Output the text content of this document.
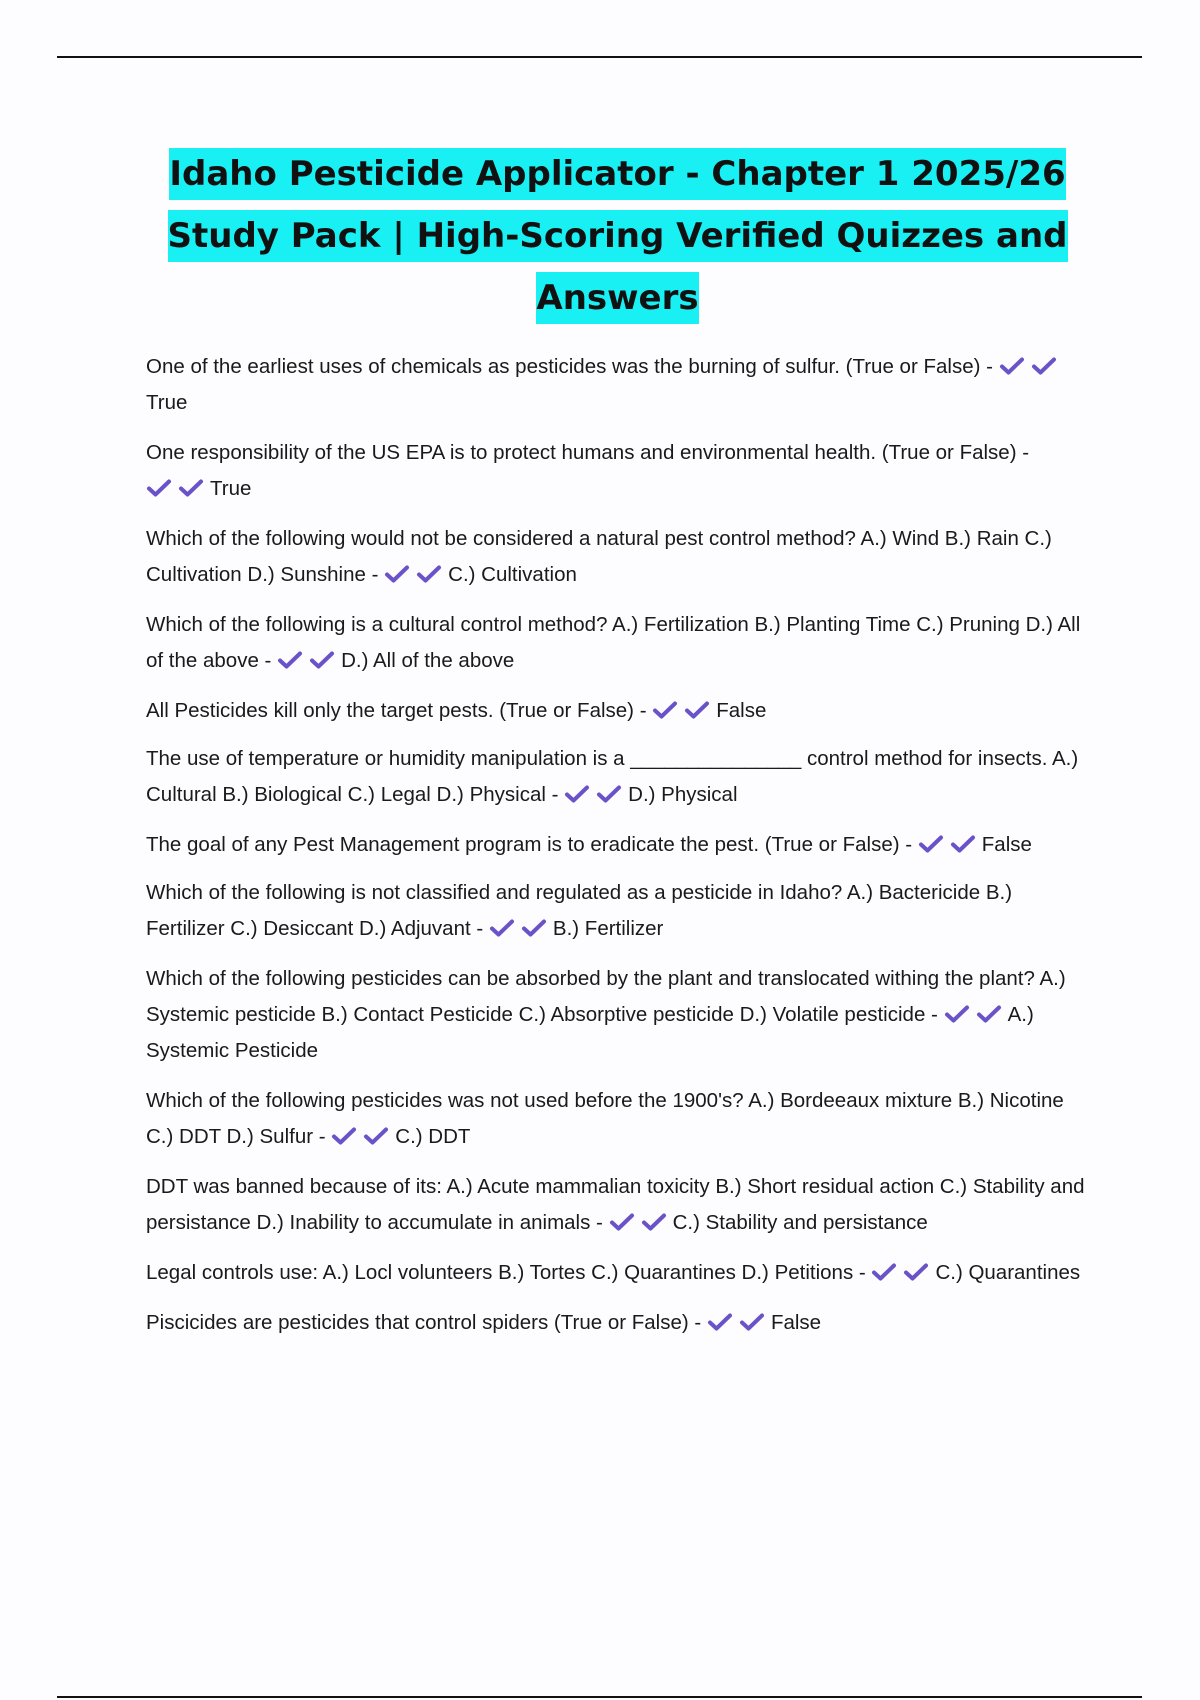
Idaho Pesticide Applicator - Chapter 1 2025/26
Study Pack | High-Scoring Verified Quizzes and
Answers
One of the earliest uses of chemicals as pesticides was the burning of sulfur. (True or False) -
True
One responsibility of the US EPA is to protect humans and environmental health. (True or False) -
True
Which of the following would not be considered a natural pest control method? A.) Wind B.) Rain C.) Cultivation D.) Sunshine -	C.) Cultivation
Which of the following is a cultural control method? A.) Fertilization B.) Planting Time C.) Pruning D.) All of the above -	D.) All of the above
All Pesticides kill only the target pests. (True or False) -	False
The use of temperature or humidity manipulation is a _______________ control method for insects. A.) Cultural B.) Biological C.) Legal D.) Physical -	D.) Physical
The goal of any Pest Management program is to eradicate the pest. (True or False) -	False
Which of the following is not classified and regulated as a pesticide in Idaho? A.) Bactericide B.) Fertilizer C.) Desiccant D.) Adjuvant -	B.) Fertilizer
Which of the following pesticides can be absorbed by the plant and translocated withing the plant? A.) Systemic pesticide B.) Contact Pesticide C.) Absorptive pesticide D.) Volatile pesticide -	A.) Systemic Pesticide
Which of the following pesticides was not used before the 1900's? A.) Bordeeaux mixture B.) Nicotine C.) DDT D.) Sulfur -	C.) DDT
DDT was banned because of its: A.) Acute mammalian toxicity B.) Short residual action C.) Stability and persistance D.) Inability to accumulate in animals -	C.) Stability and persistance
Legal controls use: A.) Locl volunteers B.) Tortes C.) Quarantines D.) Petitions -	C.) Quarantines
Piscicides are pesticides that control spiders (True or False) -	False
